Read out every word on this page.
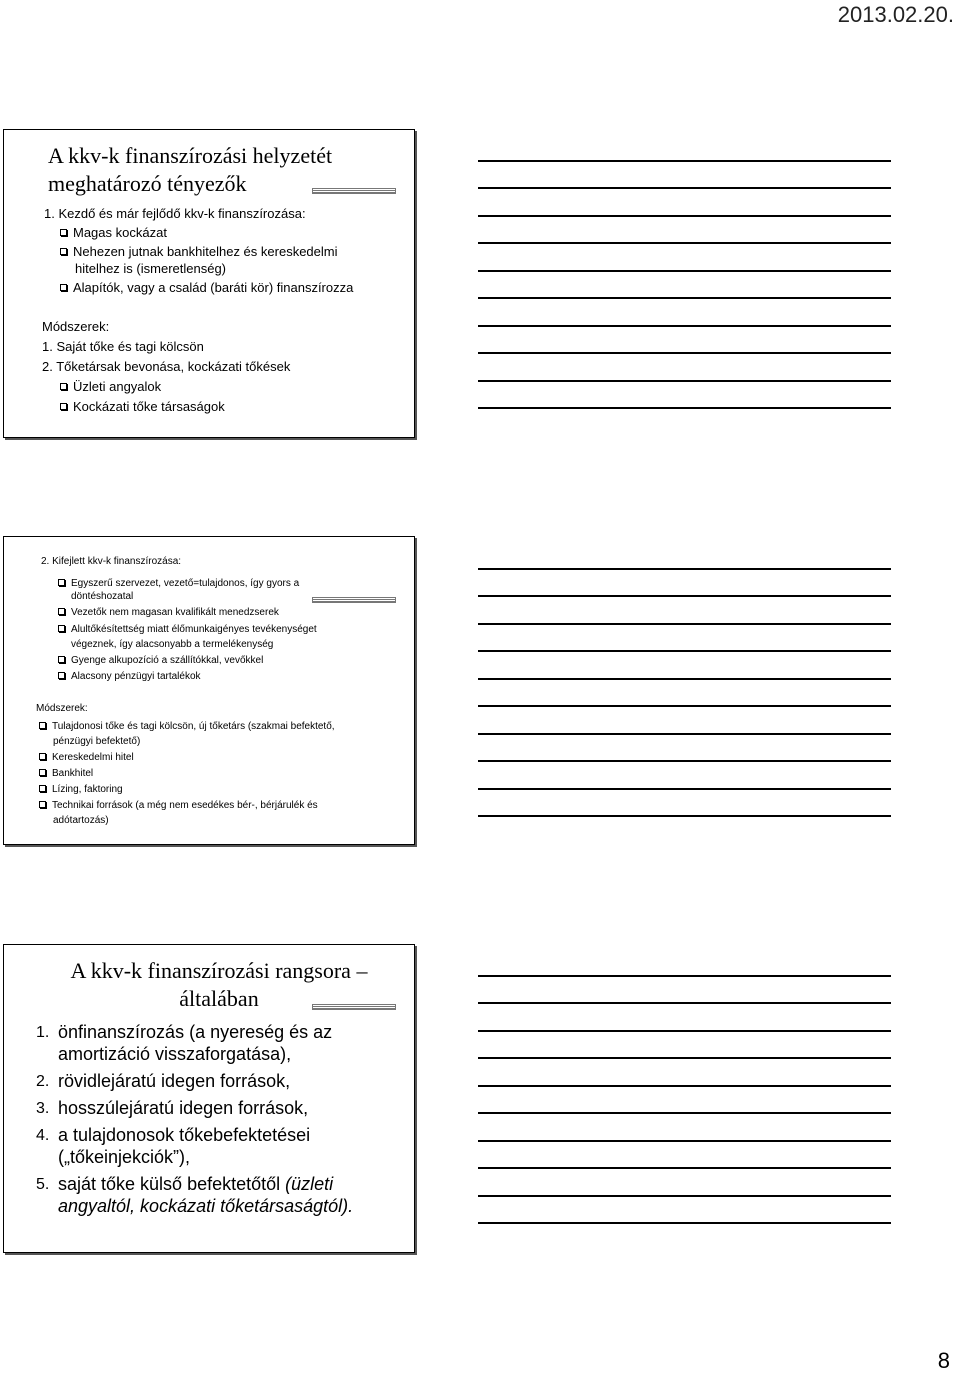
2013.02.20.
A kkv-k finanszírozási helyzetét
meghatározó tényezők
1. Kezdő és már fejlődő kkv-k finanszírozása:
Magas kockázat
Nehezen jutnak bankhitelhez és kereskedelmi
hitelhez is (ismeretlenség)
Alapítók, vagy a család (baráti kör) finanszírozza
Módszerek:
1. Saját tőke és tagi kölcsön
2. Tőketársak bevonása, kockázati tőkések
Üzleti angyalok
Kockázati tőke társaságok
2. Kifejlett kkv-k finanszírozása:
Egyszerű szervezet, vezető=tulajdonos, így gyors a
döntéshozatal
Vezetők nem magasan kvalifikált menedzserek
Alultőkésítettség miatt élőmunkaigényes tevékenységet
végeznek, így alacsonyabb a termelékenység
Gyenge alkupozíció a szállítókkal, vevőkkel
Alacsony pénzügyi tartalékok
Módszerek:
Tulajdonosi tőke és tagi kölcsön, új tőketárs (szakmai befektető,
pénzügyi befektető)
Kereskedelmi hitel
Bankhitel
Lízing, faktoring
Technikai források (a még nem esedékes bér-, bérjárulék és
adótartozás)
A kkv-k finanszírozási rangsora –
általában
1. önfinanszírozás (a nyereség és az
amortizáció visszaforgatása),
2. rövidlejáratú idegen források,
3. hosszúlejáratú idegen források,
4. a tulajdonosok tőkebefektetései
(„tőkeinjekciók”),
5. saját tőke külső befektetőtől (üzleti
angyaltól, kockázati tőketársaságtól).
8
